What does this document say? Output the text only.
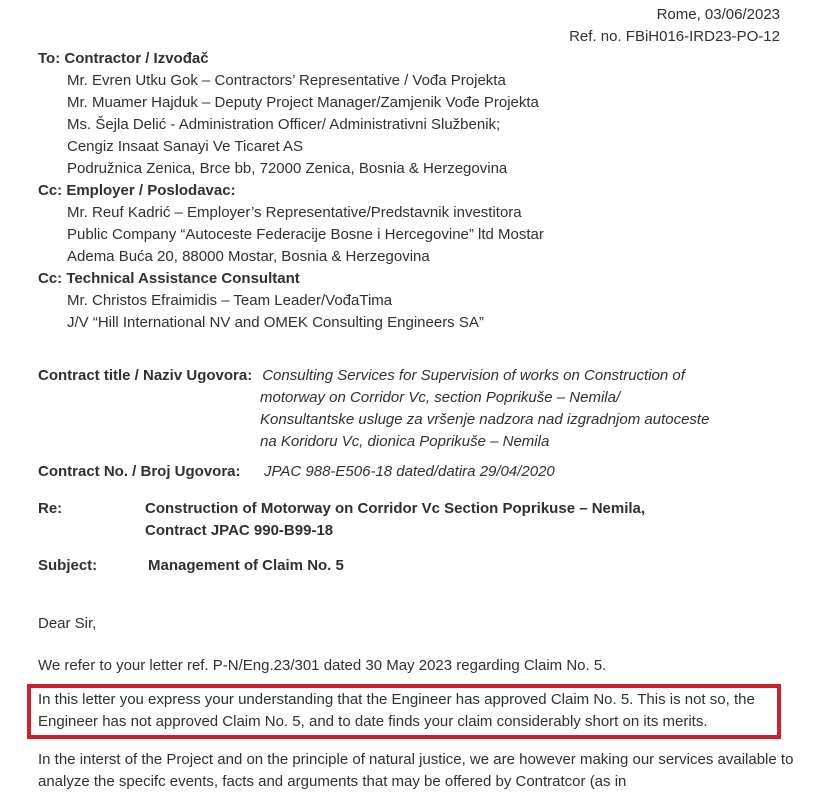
Rome, 03/06/2023
Ref. no. FBiH016-IRD23-PO-12
To: Contractor / Izvođač
Mr. Evren Utku Gok – Contractors’ Representative / Vođa Projekta
Mr. Muamer Hajduk – Deputy Project Manager/Zamjenik Vođe Projekta
Ms. Šejla Delić - Administration Officer/ Administrativni Službenik;
Cengiz Insaat Sanayi Ve Ticaret AS
Podružnica Zenica, Brce bb, 72000 Zenica, Bosnia & Herzegovina
Cc: Employer / Poslodavac:
Mr. Reuf Kadrić – Employer’s Representative/Predstavnik investitora
Public Company “Autoceste Federacije Bosne i Hercegovine” ltd Mostar
Adema Buća 20, 88000 Mostar, Bosnia & Herzegovina
Cc: Technical Assistance Consultant
Mr. Christos Efraimidis – Team Leader/VođaTima
J/V “Hill International NV and OMEK Consulting Engineers SA”
Contract title / Naziv Ugovora: Consulting Services for Supervision of works on Construction of
motorway on Corridor Vc, section Poprikuše – Nemila/
Konsultantske usluge za vršenje nadzora nad izgradnjom autoceste
na Koridoru Vc, dionica Poprikuše – Nemila
Contract No. / Broj Ugovora:	JPAC 988-E506-18 dated/datira 29/04/2020
Re:	Construction of Motorway on Corridor Vc Section Poprikuse – Nemila,
Contract JPAC 990-B99-18
Subject:	Management of Claim No. 5
Dear Sir,
We refer to your letter ref. P-N/Eng.23/301 dated 30 May 2023 regarding Claim No. 5.
In this letter you express your understanding that the Engineer has approved Claim No. 5. This is not so, the Engineer has not approved Claim No. 5, and to date finds your claim considerably short on its merits.
In the interst of the Project and on the principle of natural justice, we are however making our services available to analyze the specifc events, facts and arguments that may be offered by Contratcor (as in
